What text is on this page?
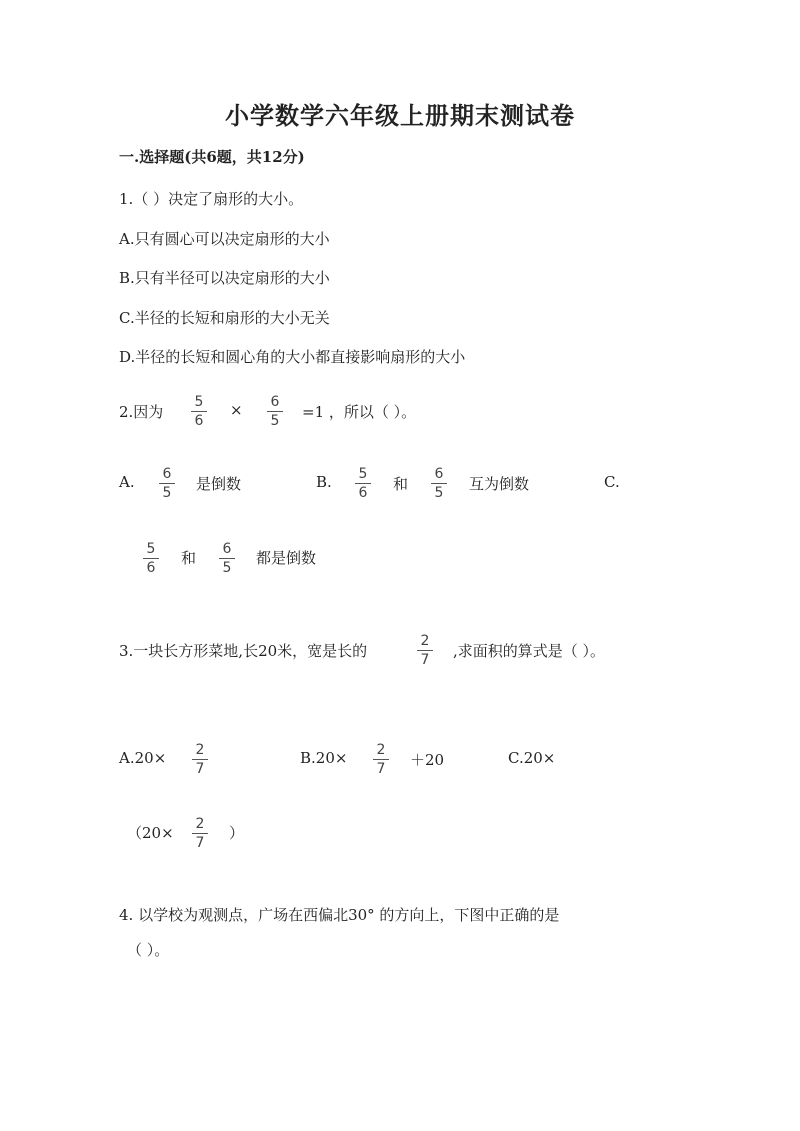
小学数学六年级上册期末测试卷
一.选择题(共6题，共12分)
1.（ ）决定了扇形的大小。
A.只有圆心可以决定扇形的大小
B.只有半径可以决定扇形的大小
C.半径的长短和扇形的大小无关
D.半径的长短和圆心角的大小都直接影响扇形的大小
2.因为
5
6
×	6
5	=1 ，所以（ ）。
A.	6
5	是倒数	B.	5
6	和
6
5	互为倒数	C.
5
6
和	6
5
都是倒数
3.一块长方形菜地,长20米，宽是长的
2
7	,求面积的算式是（ ）。
A.20×	2
7
B.20×	2
7	＋20	C.20×
（20×	2
7
）
4. 以学校为观测点，广场在西偏北30° 的方向上，下图中正确的是
（ ）。
